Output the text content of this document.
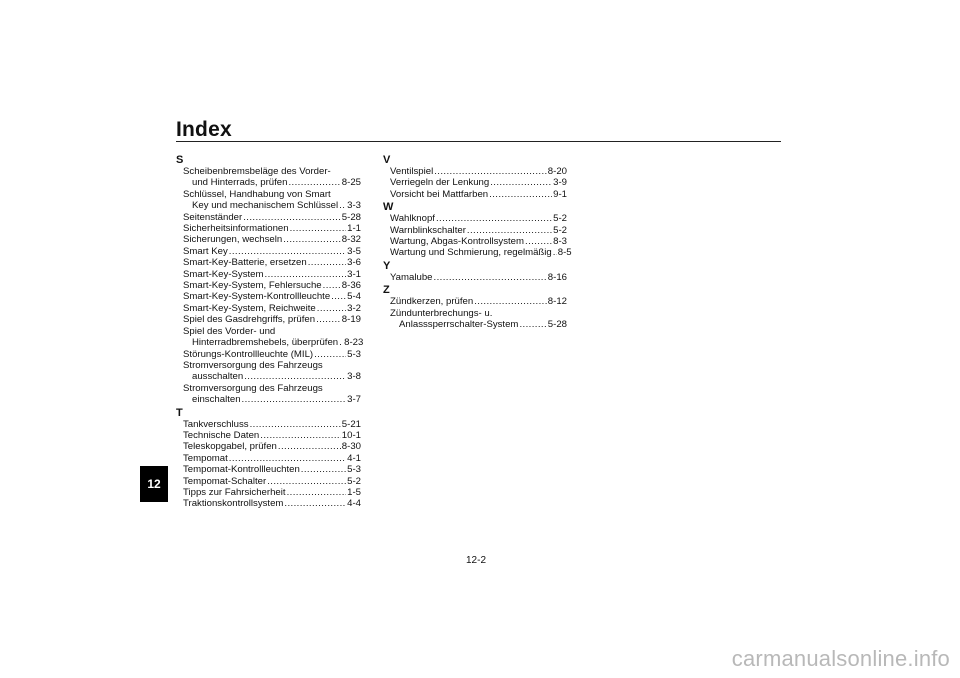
Index
12
S
Scheibenbremsbeläge des Vorder-
und Hinterrads, prüfen .....	8-25
Schlüssel, Handhabung von Smart
Key und mechanischem Schlüssel ..... 3-3
Seitenständer .....	5-28
Sicherheitsinformationen .....	1-1
Sicherungen, wechseln .....	8-32
Smart Key .....	3-5
Smart-Key-Batterie, ersetzen .....	3-6
Smart-Key-System .....	3-1
Smart-Key-System, Fehlersuche ..... 8-36
Smart-Key-System-Kontrollleuchte ..... 5-4
Smart-Key-System, Reichweite .....	3-2
Spiel des Gasdrehgriffs, prüfen .....	8-19
Spiel des Vorder- und
Hinterradbremshebels, überprüfen ..... 8-23
Störungs-Kontrollleuchte (MIL) .....	5-3
Stromversorgung des Fahrzeugs
ausschalten .....	3-8
Stromversorgung des Fahrzeugs
einschalten .....	3-7
T
Tankverschluss .....	5-21
Technische Daten .....	10-1
Teleskopgabel, prüfen .....	8-30
Tempomat .....	4-1
Tempomat-Kontrollleuchten .....	5-3
Tempomat-Schalter .....	5-2
Tipps zur Fahrsicherheit .....	1-5
Traktionskontrollsystem .....	4-4
V
Ventilspiel .....	8-20
Verriegeln der Lenkung .....	3-9
Vorsicht bei Mattfarben .....	9-1
W
Wahlknopf .....	5-2
Warnblinkschalter .....	5-2
Wartung, Abgas-Kontrollsystem .....	8-3
Wartung und Schmierung, regelmäßig ..... 8-5
Y
Yamalube .....	8-16
Z
Zündkerzen, prüfen .....	8-12
Zündunterbrechungs- u.
Anlasssperrschalter-System .....	5-28
12-2
carmanualsonline.info
